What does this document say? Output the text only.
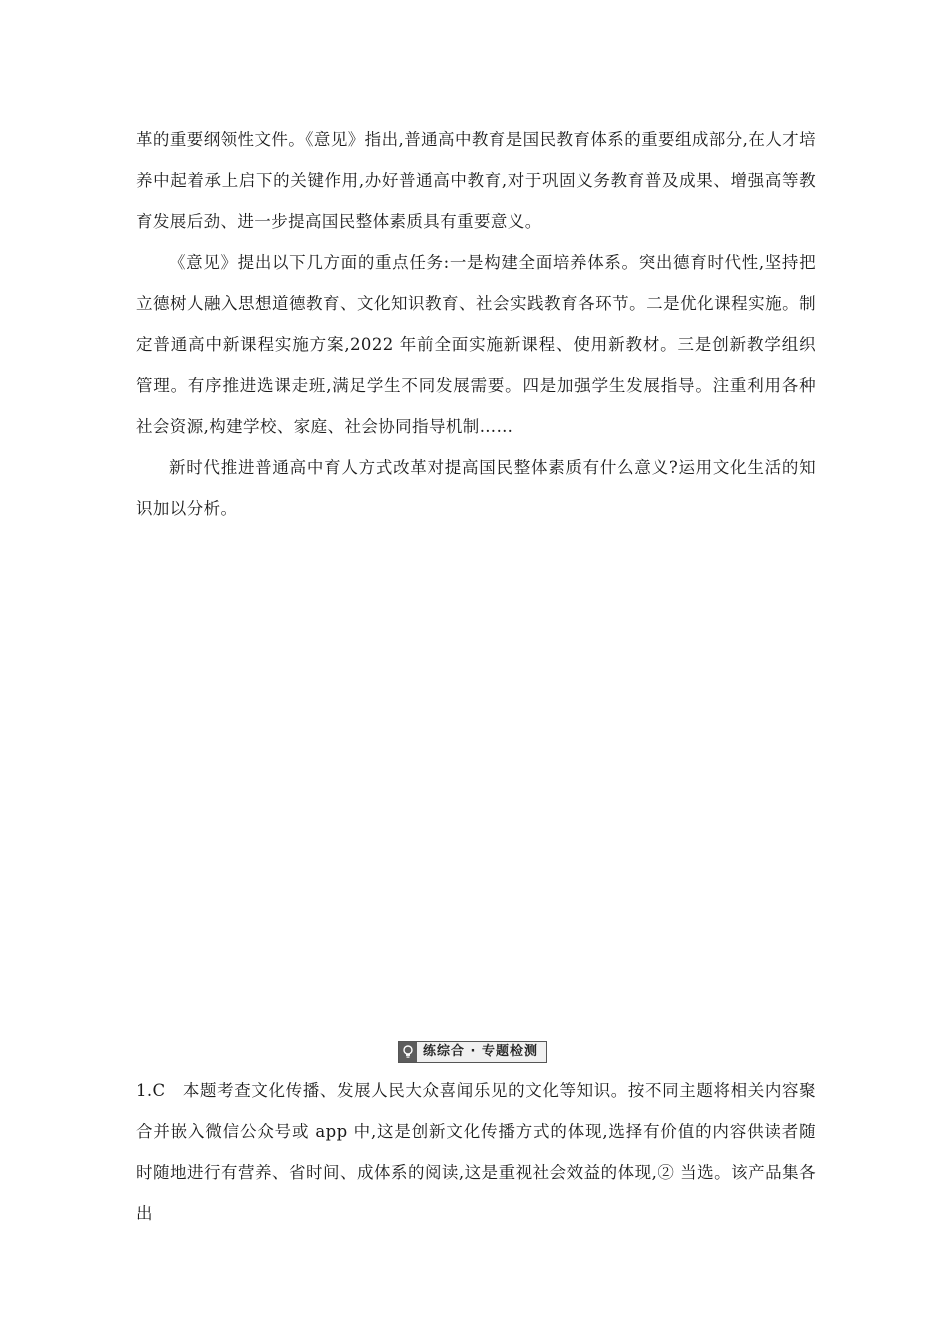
革的重要纲领性文件。《意见》指出,普通高中教育是国民教育体系的重要组成部分,在人才培养中起着承上启下的关键作用,办好普通高中教育,对于巩固义务教育普及成果、增强高等教育发展后劲、进一步提高国民整体素质具有重要意义。

《意见》提出以下几方面的重点任务:一是构建全面培养体系。突出德育时代性,坚持把立德树人融入思想道德教育、文化知识教育、社会实践教育各环节。二是优化课程实施。制定普通高中新课程实施方案,2022 年前全面实施新课程、使用新教材。三是创新教学组织管理。有序推进选课走班,满足学生不同发展需要。四是加强学生发展指导。注重利用各种社会资源,构建学校、家庭、社会协同指导机制……

新时代推进普通高中育人方式改革对提高国民整体素质有什么意义?运用文化生活的知识加以分析。

练综合 · 专题检测

1.C　本题考查文化传播、发展人民大众喜闻乐见的文化等知识。按不同主题将相关内容聚合并嵌入微信公众号或 app 中,这是创新文化传播方式的体现,选择有价值的内容供读者随时随地进行有营养、省时间、成体系的阅读,这是重视社会效益的体现,② 当选。该产品集各出
